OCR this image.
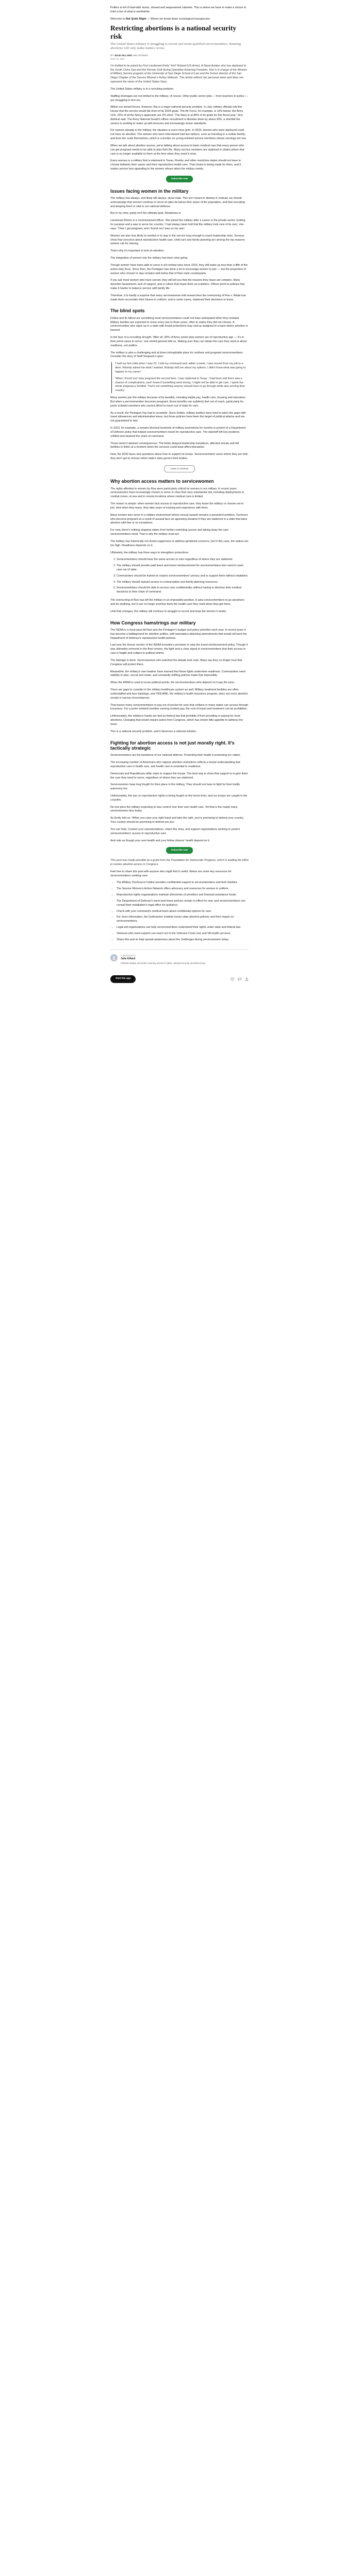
Politics is full of bad-faith stunts, shrewd and sequestered cabinets. This is where we have to make a choice to hold a line of what is worthwhile.

Welcome to Not Quite Right — Where we break down sociological insurgencies.

Restricting abortions is a national security risk

The United States military is struggling to recruit and retain qualified servicemembers. Banning abortions will only make matters worse.

BY JULIE KILLARD AND OTHERS

MAR 19, 2024

I'm thrilled to be joined by First Lieutenant Emily "Hot" Roland (US Army). A Naval Aviator who has deployed to the South China Sea and the Persian Gulf during Operation Enduring Freedom. She is in charge of the Women of Military Service program at the University of San Diego School of Law and the former director of the San Diego Chapter of the Service Women's Action Network. This article reflects her personal views and does not represent the views of the United States Navy.

The United States military is in a recruiting problem.

Staffing shortages are not limited to the military, of course. Other public sector jobs — from teachers to police — are struggling to hire too.

Within our armed forces, however, this is a major national-security problem. In July, military officials told the House that the service would fall short of its 2024 goals. The Air Force, for example, is 10% below; the Army 11%; 15% of all the Navy's applicants are 2% short. 'The Navy is at 86% of its goals for this fiscal year,' Vice Admiral said. The Army National Guard's officer recruitment is likewise down by about 30%, a shortfall the service is working to make up with bonuses and increasingly looser standards.

For women already in the military, the situation is even more grim. In 2023, women who were deployed could not have an abortion. The women who were interviewed had few options, such as traveling to a civilian facility, and bore the costs themselves, which is a burden on young enlisted service members whose earnings are low.

When we talk about abortion access, we're talking about access to basic medical care that every person who can get pregnant needs to be able to plan their life. Many service members are stationed in states where that care is no longer available to them at the time when they need it most.

Every woman in a military that is stationed in Texas, Florida, and other restrictive states should not have to choose between their career and their reproductive health care. That choice is being made for them, and it makes service less appealing to the women whose talent the military needs.

Subscribe now
Issues facing women in the military

The military has always, and likely will always, skew male. This isn't meant to dismiss it; instead, we should acknowledge that women continue to serve at rates far below their share of the population, and that recruiting and keeping them is vital to our national defense.

But in my view, parity isn't the ultimate goal. Readiness is.

Lieutenant Rivers is a commissioned officer. She joined the military after a career in the private sector, looking for purpose and a way to serve her country. 'I had always been told that the military took care of its own,' she says. 'Then I got pregnant, and I found out I was on my own.'

Women are also less likely to reenlist or to stay in the service long enough to reach leadership roles. Surveys show that concerns about reproductive health care, child care and family planning are among the top reasons women cite for leaving.

That's why it's important to look at retention.

The integration of women into the military has been slow going.

Though women have been able to serve in all combat roles since 2015, they still make up less than a fifth of the active-duty force. Since then, the Pentagon has done a lot to encourage women to join — but the proportion of women who choose to stay remains well below that of their male counterparts.

If you ask most women who have served, they will tell you that the reasons they leave are complex. Many describe harassment, lack of support, and a culture that treats them as outsiders. Others point to policies that make it harder to balance service with family life.

Therefore, it is hardly a surprise that many servicewomen told researchers the overturning of Roe v. Wade has made them reconsider their futures in uniform, and in some cases, hastened their decisions to leave.

The blind spots

Dobbs and its fallout are something most servicemembers could not have anticipated when they enlisted. Military families are expected to move every two to three years, often to states they did not choose. A servicemember who signs up in a state with broad protections may end up assigned to a base where abortion is banned.

In the face of a recruiting drought, 'After all, 40% of Army active-duty women are of reproductive age — it's in their prime years to serve,' one retired general told us. Making sure they can obtain the care they need is about readiness, not politics.

The military is also a challenging and at times inhospitable place for mothers and pregnant servicemembers. Consider the story of Staff Sergeant Lopez:

'I had my first child when I was 23. I told my command and, within a week, I was moved from my job to a desk. Nobody asked me what I wanted. Nobody told me about my options. I didn't know what was going to happen to my career.'

'When I found out I was pregnant the second time, I was stationed in Texas. I had been told there was a chance of complications, and I knew if something went wrong, I might not be able to get care. I spent the whole pregnancy terrified. That's not something anyone should have to go through while also serving their country.'

Many women join the military because of its benefits, including stable pay, health care, housing and education. But when a servicemember becomes pregnant, those benefits can suddenly feel out of reach, particularly for junior enlisted members who cannot afford to travel out of state for care.

As a result, the Pentagon has had to scramble. Since Dobbs, military leaders have tried to patch the gaps with travel allowances and administrative leave, but those policies have been the target of political attacks and are not guaranteed to last.

In 2023, for example, a senator blocked hundreds of military promotions for months in protest of a Department of Defense policy that helped servicemembers travel for reproductive care. The standoff left key positions unfilled and strained the chain of command.

Those weren't abstract consequences. The holds delayed leadership transitions, affected morale and left families in limbo at a moment when the services could least afford disruption.

Now, the DOD faces new questions about how to support its troops. Servicemembers serve where they are told; they don't get to choose which state's laws govern their bodies.

Leave a comment
Why abortion access matters to servicewomen

The rights afforded to women by Roe were particularly critical for women in our military. In recent years, servicewomen have increasingly chosen to serve in roles that carry substantial risk, including deployments to combat zones, at sea and in remote locations where medical care is limited.

The reason is simple: when women lack access to reproductive care, they leave the military or choose not to join. And when they leave, they take years of training and experience with them.

Many women also serve in a military environment where sexual assault remains a persistent problem. Survivors who become pregnant as a result of assault face an agonizing situation if they are stationed in a state that bans abortion with few or no exceptions.

For now, there's nothing stopping states from further restricting access and taking away the care servicemembers need. That is why the military must act.

The military has historically not shown eagerness to address gendered concerns, but in this case, the stakes are too high. Readiness depends on it.

Ultimately, the military has three ways to strengthen protections:

1. Servicemembers should have the same access to care regardless of where they are stationed.
2. The military should provide paid leave and travel reimbursement for servicemembers who need to seek care out of state.
3. Commanders should be trained to respect servicemembers' privacy and to support them without retaliation.
4. The military should expand access to contraception and family planning resources.
5. Servicemembers should be able to access care confidentially, without having to disclose their medical decisions to their chain of command.

The overturning of Roe has left the military in an impossible position. It asks servicemembers to go anywhere and do anything, but it can no longer promise them the health care they need when they get there.

Until that changes, the military will continue to struggle to recruit and keep the women it needs.

How Congress hamstrings our military

The NDAA is a must-pass bill that sets the Pentagon's budget and policy priorities each year. In recent years it has become a battleground for abortion politics, with lawmakers attaching amendments that would roll back the Department of Defense's reproductive health policies.

Last year the House version of the NDAA included a provision to strip the travel reimbursement policy. Though it was ultimately removed in the final version, the fight sent a clear signal to servicemembers that their access to care is fragile and subject to political whims.

The damage is done. Servicewomen who watched the debate took note. Many say they no longer trust that Congress will protect them.

Meanwhile, the military's own leaders have warned that these fights undermine readiness. Commanders need stability to plan, recruit and retain, and constantly shifting policies make that impossible.

When the NDAA is used to score political points, the servicemembers who depend on it pay the price.

There are gaps to consider in the military healthcare system as well. Military treatment facilities are often understaffed and face backlogs, and TRICARE, the military's health insurance program, does not cover abortion except in narrow circumstances.

That leaves many servicemembers to pay out of pocket for care that civilians in many states can access through insurance. For a junior enlisted member earning modest pay, the cost of travel and treatment can be prohibitive.

Unfortunately, the military's hands are tied by federal law that prohibits it from providing or paying for most abortions. Changing that would require action from Congress, which has shown little appetite to address the issue.

This is a national security problem, and it deserves a national solution.

Fighting for abortion access is not just morally right. It's tactically strategic

Servicemembers are the backbone of our national defense. Protecting their health is protecting our nation.

The increasing number of Americans who oppose abortion restrictions reflects a broad understanding that reproductive care is health care, and health care is essential to readiness.

Democrats and Republicans alike claim to support the troops. The best way to show that support is to give them the care they need to serve, regardless of where they are stationed.

Servicewomen have long fought for their place in the military. They should not have to fight for their bodily autonomy too.

Unfortunately, the war on reproductive rights is being fought on the home front, and our troops are caught in the crossfire.

No one joins the military expecting to lose control over their own health care. Yet that is the reality many servicewomen face today.

As Emily told us: 'When you raise your right hand and take the oath, you're promising to defend your country. Your country should be promising to defend you too.'

You can help. Contact your representatives, share this story, and support organizations working to protect servicemembers' access to reproductive care.

And vote as though your own health and your fellow citizens' health depend on it.

Subscribe now

This post was made possible by a grant from the Foundation for Democratic Progress, which is leading the effort to restore abortion access in Congress.

Feel free to share this post with anyone who might find it useful. Below are some key resources for servicemembers seeking care:

• The Military OneSource hotline provides confidential support to servicemembers and their families.
• The Service Women's Action Network offers advocacy and resources for women in uniform.
• Reproductive rights organizations maintain directories of providers and financial assistance funds.
• The Department of Defense's travel and leave policies remain in effect for now, and servicemembers can consult their installation's legal office for guidance.
• Check with your command's medical team about confidential options for care.
• For more information, the Guttmacher Institute tracks state abortion policies and their impact on servicemembers.
• Legal aid organizations can help servicemembers understand their rights under state and federal law.
• Veterans who need support can reach out to the Veterans Crisis Line and VA health services.
• Share this post to help spread awareness about the challenges facing servicewomen today.
A guest post by
Julie Killard
Political analyst and writer covering women's rights, national security and democracy.
Start the app
